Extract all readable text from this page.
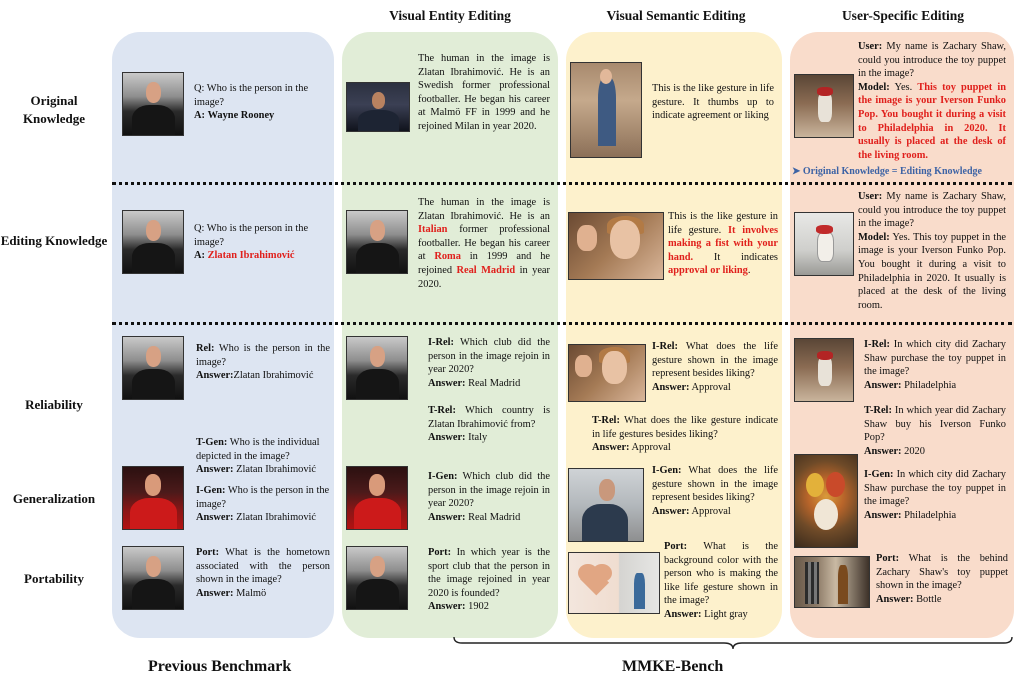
Visual Entity Editing	Visual Semantic Editing	User-Specific Editing
Original Knowledge
Editing Knowledge
Reliability
Generalization
Portability
Q: Who is the person in the image?
A: Wayne Rooney
Q: Who is the person in the image?
A: Zlatan Ibrahimović
Rel: Who is the person in the image?
Answer:Zlatan Ibrahimović
T-Gen: Who is the individual depicted in the image?
Answer: Zlatan Ibrahimović
I-Gen: Who is the person in the image?
Answer: Zlatan Ibrahimović
Port: What is the hometown associated with the person shown in the image?
Answer: Malmö
The human in the image is Zlatan Ibrahimović. He is an Swedish former professional footballer. He began his career at Malmö FF in 1999 and he rejoined Milan in year 2020.
The human in the image is Zlatan Ibrahimović. He is an Italian former professional footballer. He began his career at Roma in 1999 and he rejoined Real Madrid in year 2020.
I-Rel: Which club did the person in the image rejoin in year 2020?
Answer: Real Madrid
T-Rel: Which country is Zlatan Ibrahimović from?
Answer: Italy
I-Gen: Which club did the person in the image rejoin in year 2020?
Answer: Real Madrid
Port: In which year is the sport club that the person in the image rejoined in year 2020 is founded?
Answer: 1902
This is the like gesture in life gesture. It thumbs up to indicate agreement or liking
This is the like gesture in life gesture. It involves making a fist with your hand. It indicates approval or liking.
I-Rel: What does the life gesture shown in the image represent besides liking?
Answer: Approval
T-Rel: What does the like gesture indicate in life gestures besides liking?
Answer: Approval
I-Gen: What does the life gesture shown in the image represent besides liking?
Answer: Approval
Port: What is the background color with the person who is making the like life gesture shown in the image?
Answer: Light gray
User: My name is Zachary Shaw, could you introduce the toy puppet in the image?
Model: Yes. This toy puppet in the image is your Iverson Funko Pop. You bought it during a visit to Philadelphia in 2020. It usually is placed at the desk of the living room.
➤ Original Knowledge = Editing Knowledge
User: My name is Zachary Shaw, could you introduce the toy puppet in the image?
Model: Yes. This toy puppet in the image is your Iverson Funko Pop. You bought it during a visit to Philadelphia in 2020. It usually is placed at the desk of the living room.
I-Rel: In which city did Zachary Shaw purchase the toy puppet in the image?
Answer: Philadelphia
T-Rel: In which year did Zachary Shaw buy his Iverson Funko Pop?
Answer: 2020
I-Gen: In which city did Zachary Shaw purchase the toy puppet in the image?
Answer: Philadelphia
Port: What is the behind Zachary Shaw's toy puppet shown in the image?
Answer: Bottle
Previous Benchmark	MMKE-Bench
